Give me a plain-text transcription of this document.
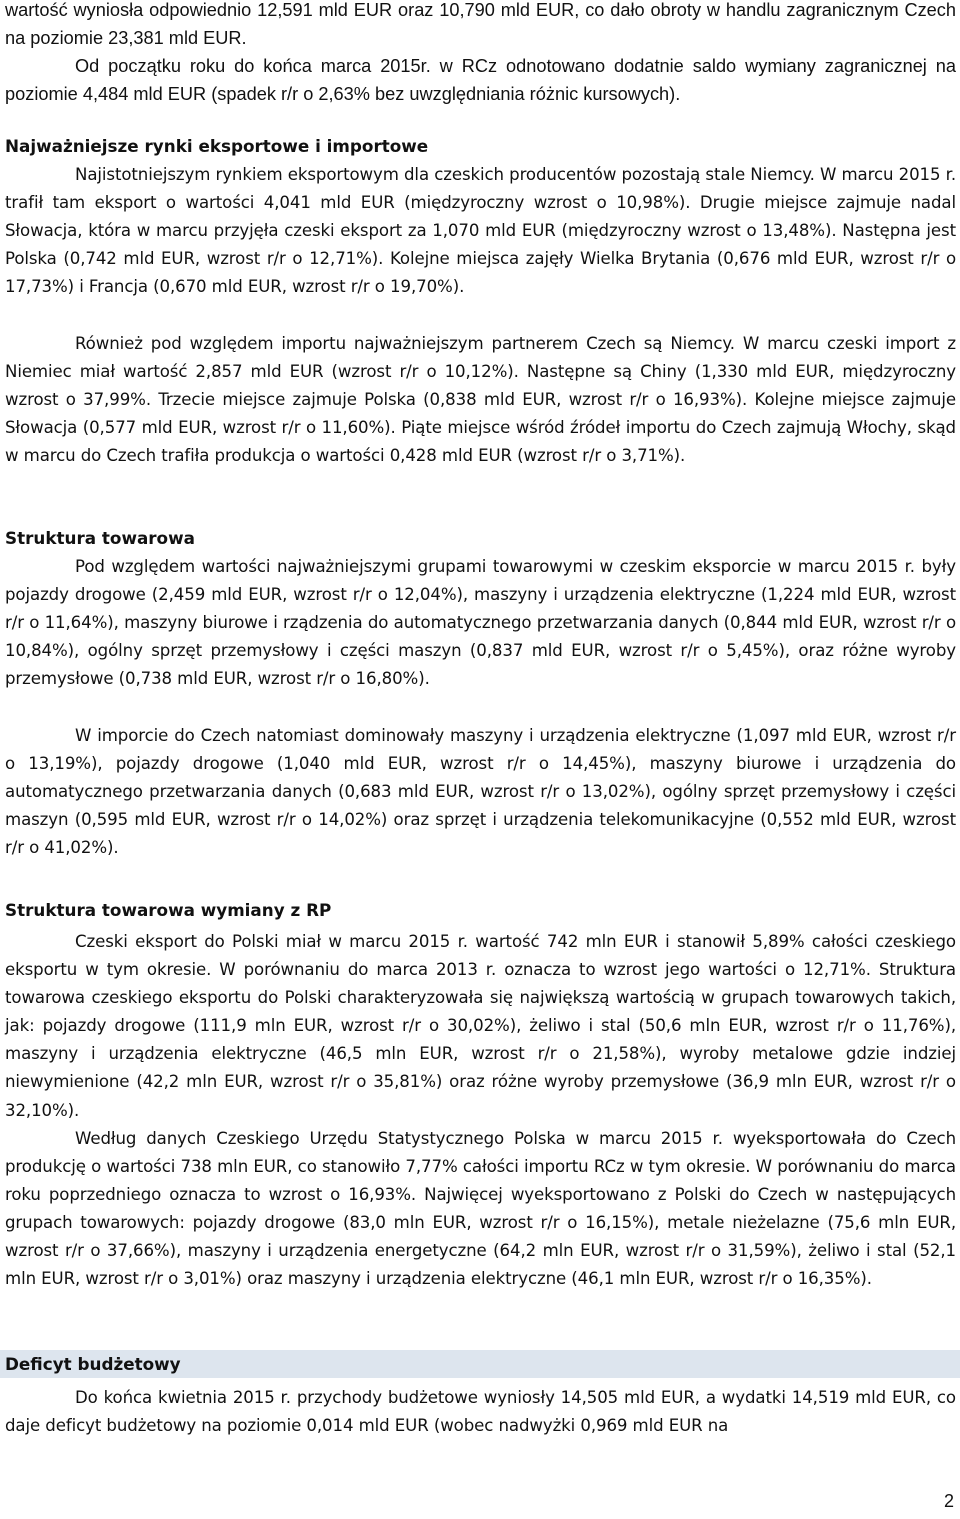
wartość wyniosła odpowiednio 12,591 mld EUR oraz 10,790 mld EUR, co dało obroty w handlu zagranicznym Czech na poziomie 23,381 mld EUR.

Od początku roku do końca marca 2015r. w RCz odnotowano dodatnie saldo wymiany zagranicznej na poziomie 4,484 mld EUR (spadek r/r o 2,63% bez uwzględniania różnic kursowych).

Najważniejsze rynki eksportowe i importowe

Najistotniejszym rynkiem eksportowym dla czeskich producentów pozostają stale Niemcy. W marcu 2015 r. trafił tam eksport o wartości 4,041 mld EUR (międzyroczny wzrost o 10,98%). Drugie miejsce zajmuje nadal Słowacja, która w marcu przyjęła czeski eksport za 1,070 mld EUR (międzyroczny wzrost o 13,48%). Następna jest Polska (0,742 mld EUR, wzrost r/r o 12,71%). Kolejne miejsca zajęły Wielka Brytania (0,676 mld EUR, wzrost r/r o 17,73%) i Francja (0,670 mld EUR, wzrost r/r o 19,70%).

Również pod względem importu najważniejszym partnerem Czech są Niemcy. W marcu czeski import z Niemiec miał wartość 2,857 mld EUR (wzrost r/r o 10,12%). Następne są Chiny (1,330 mld EUR, międzyroczny wzrost o 37,99%. Trzecie miejsce zajmuje Polska (0,838 mld EUR, wzrost r/r o 16,93%). Kolejne miejsce zajmuje Słowacja (0,577 mld EUR, wzrost r/r o 11,60%). Piąte miejsce wśród źródeł importu do Czech zajmują Włochy, skąd w marcu do Czech trafiła produkcja o wartości 0,428 mld EUR (wzrost r/r o 3,71%).

Struktura towarowa

Pod względem wartości najważniejszymi grupami towarowymi w czeskim eksporcie w marcu 2015 r. były pojazdy drogowe (2,459 mld EUR, wzrost r/r o 12,04%), maszyny i urządzenia elektryczne (1,224 mld EUR, wzrost r/r o 11,64%), maszyny biurowe i rządzenia do automatycznego przetwarzania danych (0,844 mld EUR, wzrost r/r o 10,84%), ogólny sprzęt przemysłowy i części maszyn (0,837 mld EUR, wzrost r/r o 5,45%), oraz różne wyroby przemysłowe (0,738 mld EUR, wzrost r/r o 16,80%).

W imporcie do Czech natomiast dominowały maszyny i urządzenia elektryczne (1,097 mld EUR, wzrost r/r o 13,19%), pojazdy drogowe (1,040 mld EUR, wzrost r/r o 14,45%), maszyny biurowe i urządzenia do automatycznego przetwarzania danych (0,683 mld EUR, wzrost r/r o 13,02%), ogólny sprzęt przemysłowy i części maszyn (0,595 mld EUR, wzrost r/r o 14,02%) oraz sprzęt i urządzenia telekomunikacyjne (0,552 mld EUR, wzrost r/r o 41,02%).

Struktura towarowa wymiany z RP

Czeski eksport do Polski miał w marcu 2015 r. wartość 742 mln EUR i stanowił 5,89% całości czeskiego eksportu w tym okresie. W porównaniu do marca 2013 r. oznacza to wzrost jego wartości o 12,71%. Struktura towarowa czeskiego eksportu do Polski charakteryzowała się największą wartością w grupach towarowych takich, jak: pojazdy drogowe (111,9 mln EUR, wzrost r/r o 30,02%), żeliwo i stal (50,6 mln EUR, wzrost r/r o 11,76%), maszyny i urządzenia elektryczne (46,5 mln EUR, wzrost r/r o 21,58%), wyroby metalowe gdzie indziej niewymienione (42,2 mln EUR, wzrost r/r o 35,81%) oraz różne wyroby przemysłowe (36,9 mln EUR, wzrost r/r o 32,10%).

Według danych Czeskiego Urzędu Statystycznego Polska w marcu 2015 r. wyeksportowała do Czech produkcję o wartości 738 mln EUR, co stanowiło 7,77% całości importu RCz w tym okresie. W porównaniu do marca roku poprzedniego oznacza to wzrost o 16,93%. Najwięcej wyeksportowano z Polski do Czech w następujących grupach towarowych: pojazdy drogowe (83,0 mln EUR, wzrost r/r o 16,15%), metale nieżelazne (75,6 mln EUR, wzrost r/r o 37,66%), maszyny i urządzenia energetyczne (64,2 mln EUR, wzrost r/r o 31,59%), żeliwo i stal (52,1 mln EUR, wzrost r/r o 3,01%) oraz maszyny i urządzenia elektryczne (46,1 mln EUR, wzrost r/r o 16,35%).

Deficyt budżetowy

Do końca kwietnia 2015 r. przychody budżetowe wyniosły 14,505 mld EUR, a wydatki 14,519 mld EUR, co daje deficyt budżetowy na poziomie 0,014 mld EUR (wobec nadwyżki 0,969 mld EUR na

2
